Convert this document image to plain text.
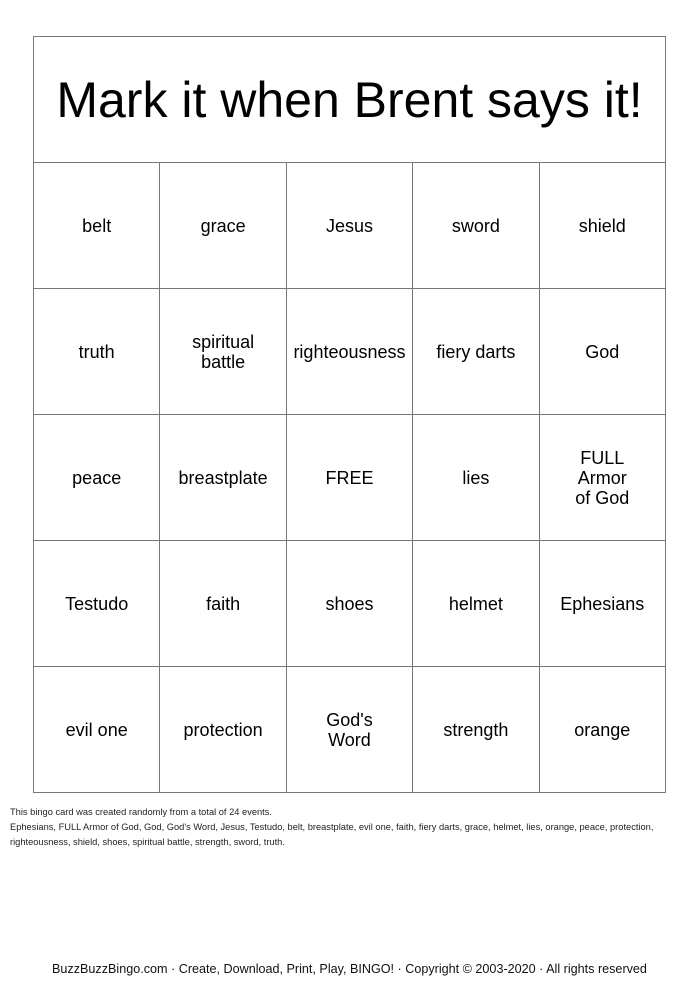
Mark it when Brent says it!				
belt	grace	Jesus	sword	shield
truth	spiritual battle	righteousness	fiery darts	God
peace	breastplate	FREE	lies	FULL Armor of God
Testudo	faith	shoes	helmet	Ephesians
evil one	protection	God's Word	strength	orange
This bingo card was created randomly from a total of 24 events.
Ephesians, FULL Armor of God, God, God's Word, Jesus, Testudo, belt, breastplate, evil one, faith, fiery darts, grace, helmet, lies, orange, peace, protection, righteousness, shield, shoes, spiritual battle, strength, sword, truth.
BuzzBuzzBingo.com · Create, Download, Print, Play, BINGO! · Copyright © 2003-2020 · All rights reserved
